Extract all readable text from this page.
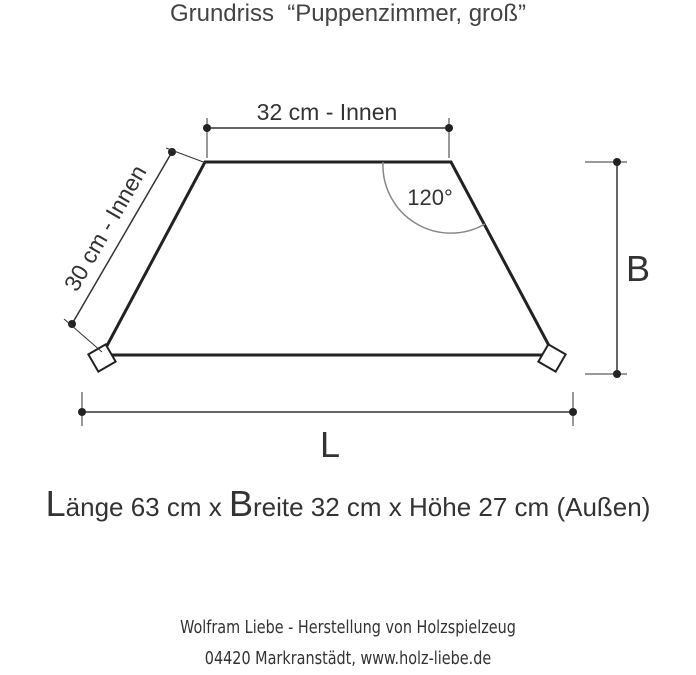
Grundriss  “Puppenzimmer, groß”
120°
32 cm - Innen
30 cm - Innen	B
L
Länge 63 cm x Breite 32 cm x Höhe 27 cm (Außen)
Wolfram Liebe - Herstellung von Holzspielzeug
04420 Markranstädt, www.holz-liebe.de
